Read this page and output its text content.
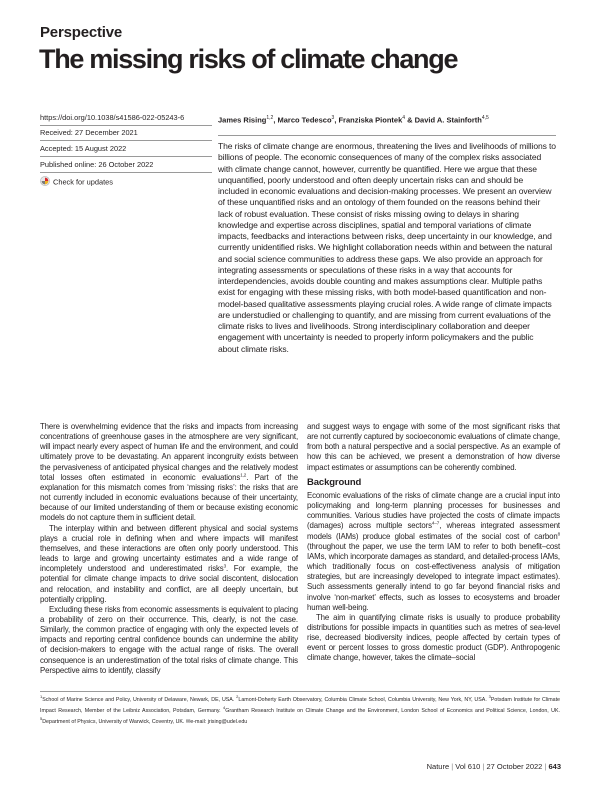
Perspective
The missing risks of climate change
https://doi.org/10.1038/s41586-022-05243-6
Received: 27 December 2021
Accepted: 15 August 2022
Published online: 26 October 2022
Check for updates
James Rising$^{1,2}$, Marco Tedesco$^3$, Franziska Piontek$^4$ & David A. Stainforth$^{4,5}$
The risks of climate change are enormous, threatening the lives and livelihoods of millions to billions of people. The economic consequences of many of the complex risks associated with climate change cannot, however, currently be quantified. Here we argue that these unquantified, poorly understood and often deeply uncertain risks can and should be included in economic evaluations and decision-making processes. We present an overview of these unquantified risks and an ontology of them founded on the reasons behind their lack of robust evaluation. These consist of risks missing owing to delays in sharing knowledge and expertise across disciplines, spatial and temporal variations of climate impacts, feedbacks and interactions between risks, deep uncertainty in our knowledge, and currently unidentified risks. We highlight collaboration needs within and between the natural and social science communities to address these gaps. We also provide an approach for integrating assessments or speculations of these risks in a way that accounts for interdependencies, avoids double counting and makes assumptions clear. Multiple paths exist for engaging with these missing risks, with both model-based quantification and non-model-based qualitative assessments playing crucial roles. A wide range of climate impacts are understudied or challenging to quantify, and are missing from current evaluations of the climate risks to lives and livelihoods. Strong interdisciplinary collaboration and deeper engagement with uncertainty is needed to properly inform policymakers and the public about climate risks.

There is overwhelming evidence that the risks and impacts from increasing concentrations of greenhouse gases in the atmosphere are very significant, will impact nearly every aspect of human life and the environment, and could ultimately prove to be devastating. An apparent incongruity exists between the pervasiveness of anticipated physical changes and the relatively modest total losses often estimated in economic evaluations$^{1,2}$. Part of the explanation for this mismatch comes from ‘missing risks’: the risks that are not currently included in economic evaluations because of their uncertainty, because of our limited understanding of them or because existing economic models do not capture them in sufficient detail.

The interplay within and between different physical and social systems plays a crucial role in defining when and where impacts will manifest themselves, and these interactions are often only poorly understood. This leads to large and growing uncertainty estimates and a wide range of incompletely understood and underestimated risks$^3$. For example, the potential for climate change impacts to drive social discontent, dislocation and relocation, and instability and conflict, are all deeply uncertain, but potentially crippling.

Excluding these risks from economic assessments is equivalent to placing a probability of zero on their occurrence. This, clearly, is not the case. Similarly, the common practice of engaging with only the expected levels of impacts and reporting central confidence bounds can undermine the ability of decision-makers to engage with the actual range of risks. The overall consequence is an underestimation of the total risks of climate change. This Perspective aims to identify, classify

and suggest ways to engage with some of the most significant risks that are not currently captured by socioeconomic evaluations of climate change, from both a natural perspective and a social perspective. As an example of how this can be achieved, we present a demonstration of how diverse impact estimates or assumptions can be coherently combined.

Background

Economic evaluations of the risks of climate change are a crucial input into policymaking and long-term planning processes for businesses and communities. Various studies have projected the costs of climate impacts (damages) across multiple sectors$^{4-7}$, whereas integrated assessment models (IAMs) produce global estimates of the social cost of carbon$^8$ (throughout the paper, we use the term IAM to refer to both benefit–cost IAMs, which incorporate damages as standard, and detailed-process IAMs, which traditionally focus on cost-effectiveness analysis of mitigation strategies, but are increasingly developed to integrate impact estimates). Such assessments generally intend to go far beyond financial risks and involve ‘non-market’ effects, such as losses to ecosystems and broader human well-being.

The aim in quantifying climate risks is usually to produce probability distributions for possible impacts in quantities such as metres of sea-level rise, decreased biodiversity indices, people affected by certain types of event or percent losses to gross domestic product (GDP). Anthropogenic climate change, however, takes the climate–social

$^1$School of Marine Science and Policy, University of Delaware, Newark, DE, USA. $^2$Lamont-Doherty Earth Observatory, Columbia Climate School, Columbia University, New York, NY, USA. $^3$Potsdam Institute for Climate Impact Research, Member of the Leibniz Association, Potsdam, Germany. $^4$Grantham Research Institute on Climate Change and the Environment, London School of Economics and Political Science, London, UK. $^5$Department of Physics, University of Warwick, Coventry, UK. ✉e-mail: jrising@udel.edu
Nature | Vol 610 | 27 October 2022 | 643
